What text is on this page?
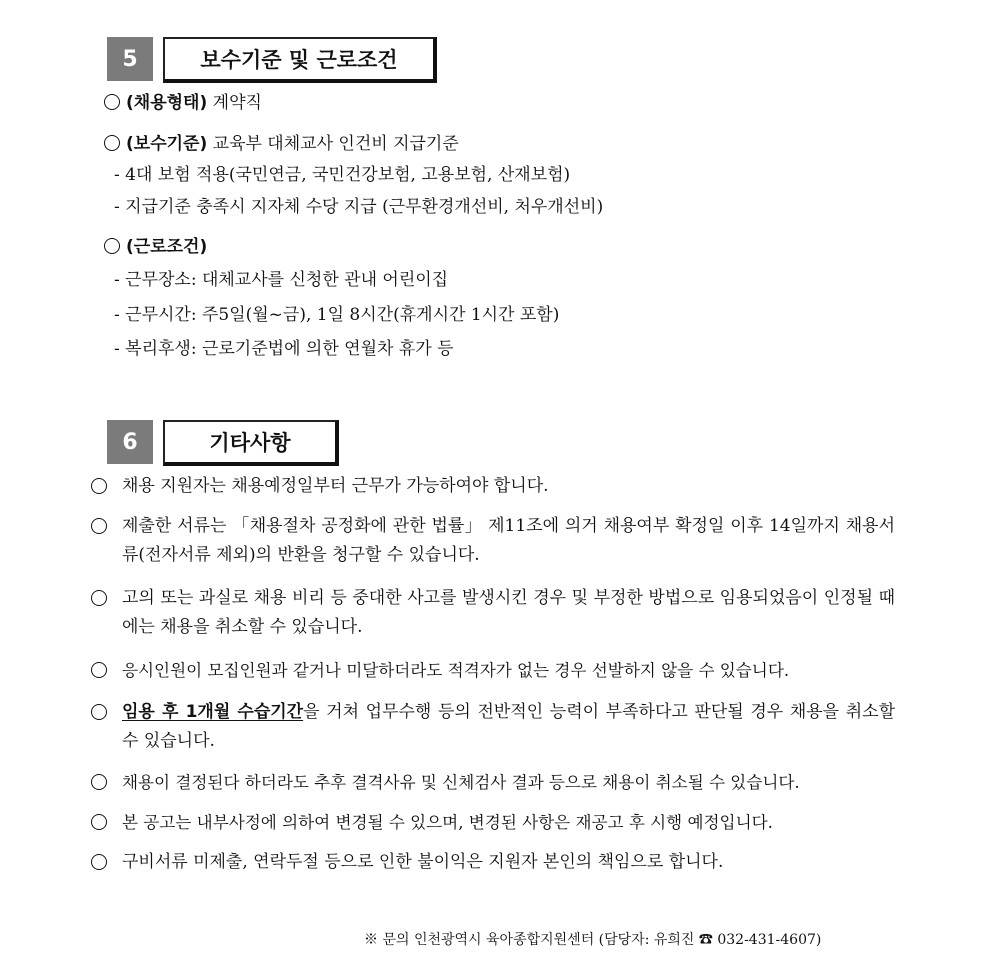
5	보수기준 및 근로조건
(채용형태) 계약직
(보수기준) 교육부 대체교사 인건비 지급기준
- 4대 보험 적용(국민연금, 국민건강보험, 고용보험, 산재보험)
- 지급기준 충족시 지자체 수당 지급 (근무환경개선비, 처우개선비)
(근로조건)
- 근무장소: 대체교사를 신청한 관내 어린이집
- 근무시간: 주5일(월~금), 1일 8시간(휴게시간 1시간 포함)
- 복리후생: 근로기준법에 의한 연월차 휴가 등
6	기타사항
채용 지원자는 채용예정일부터 근무가 가능하여야 합니다.
제출한 서류는 「채용절차 공정화에 관한 법률」 제11조에 의거 채용여부 확정일 이후 14일까지 채용서류(전자서류 제외)의 반환을 청구할 수 있습니다.
고의 또는 과실로 채용 비리 등 중대한 사고를 발생시킨 경우 및 부정한 방법으로 임용되었음이 인정될 때에는 채용을 취소할 수 있습니다.
응시인원이 모집인원과 같거나 미달하더라도 적격자가 없는 경우 선발하지 않을 수 있습니다.
임용 후 1개월 수습기간을 거쳐 업무수행 등의 전반적인 능력이 부족하다고 판단될 경우 채용을 취소할 수 있습니다.
채용이 결정된다 하더라도 추후 결격사유 및 신체검사 결과 등으로 채용이 취소될 수 있습니다.
본 공고는 내부사정에 의하여 변경될 수 있으며, 변경된 사항은 재공고 후 시행 예정입니다.
구비서류 미제출, 연락두절 등으로 인한 불이익은 지원자 본인의 책임으로 합니다.
※ 문의 인천광역시 육아종합지원센터 (담당자: 유희진 ☎ 032-431-4607)
